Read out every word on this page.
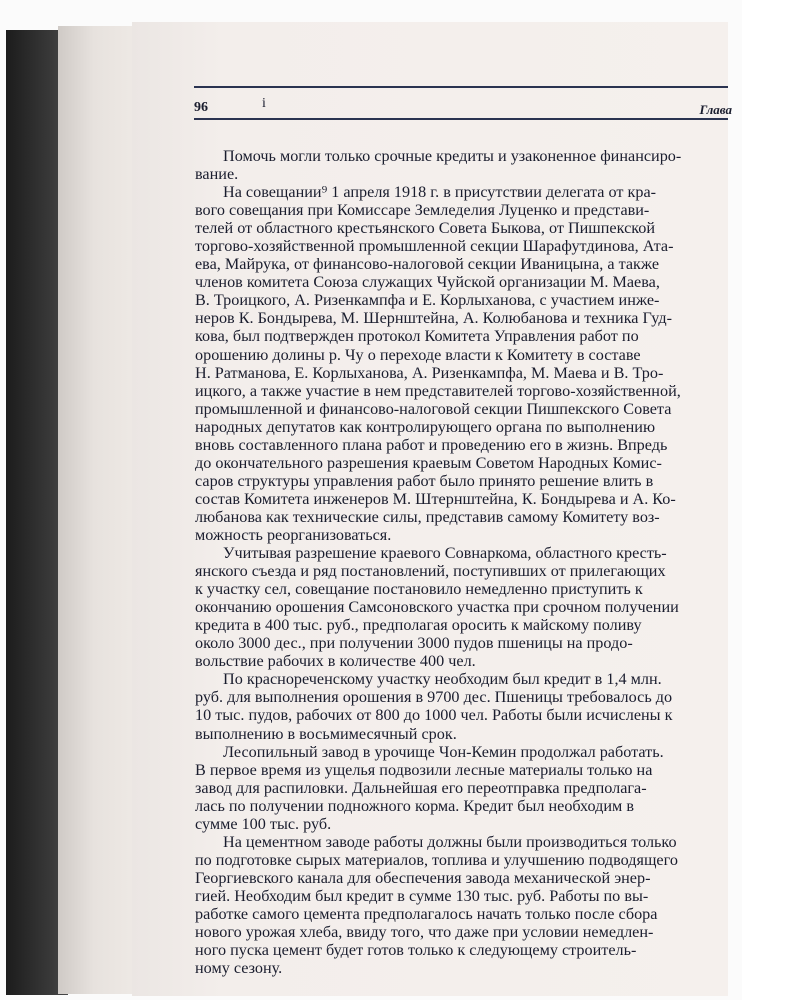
96	i	Глава
Помочь могли только срочные кредиты и узаконенное финансиро-
вание.
На совещании⁹ 1 апреля 1918 г. в присутствии делегата от кра-
вого совещания при Комиссаре Земледелия Луценко и представи-
телей от областного крестьянского Совета Быкова, от Пишпекской
торгово-хозяйственной промышленной секции Шарафутдинова, Ата-
ева, Майрука, от финансово-налоговой секции Иваницына, а также
членов комитета Союза служащих Чуйской организации М. Маева,
В. Троицкого, А. Ризенкампфа и Е. Корлыханова, с участием инже-
неров К. Бондырева, М. Шернштейна, А. Колюбанова и техника Гуд-
кова, был подтвержден протокол Комитета Управления работ по
орошению долины р. Чу о переходе власти к Комитету в составе
Н. Ратманова, Е. Корлыханова, А. Ризенкампфа, М. Маева и В. Тро-
ицкого, а также участие в нем представителей торгово-хозяйственной,
промышленной и финансово-налоговой секции Пишпекского Совета
народных депутатов как контролирующего органа по выполнению
вновь составленного плана работ и проведению его в жизнь. Впредь
до окончательного разрешения краевым Советом Народных Комис-
саров структуры управления работ было принято решение влить в
состав Комитета инженеров М. Штернштейна, К. Бондырева и А. Ко-
любанова как технические силы, представив самому Комитету воз-
можность реорганизоваться.
Учитывая разрешение краевого Совнаркома, областного кресть-
янского съезда и ряд постановлений, поступивших от прилегающих
к участку сел, совещание постановило немедленно приступить к
окончанию орошения Самсоновского участка при срочном получении
кредита в 400 тыс. руб., предполагая оросить к майскому поливу
около 3000 дес., при получении 3000 пудов пшеницы на продо-
вольствие рабочих в количестве 400 чел.
По краснореченскому участку необходим был кредит в 1,4 млн.
руб. для выполнения орошения в 9700 дес. Пшеницы требовалось до
10 тыс. пудов, рабочих от 800 до 1000 чел. Работы были исчислены к
выполнению в восьмимесячный срок.
Лесопильный завод в урочище Чон-Кемин продолжал работать.
В первое время из ущелья подвозили лесные материалы только на
завод для распиловки. Дальнейшая его переотправка предполага-
лась по получении подножного корма. Кредит был необходим в
сумме 100 тыс. руб.
На цементном заводе работы должны были производиться только
по подготовке сырых материалов, топлива и улучшению подводящего
Георгиевского канала для обеспечения завода механической энер-
гией. Необходим был кредит в сумме 130 тыс. руб. Работы по вы-
работке самого цемента предполагалось начать только после сбора
нового урожая хлеба, ввиду того, что даже при условии немедлен-
ного пуска цемент будет готов только к следующему строитель-
ному сезону.
